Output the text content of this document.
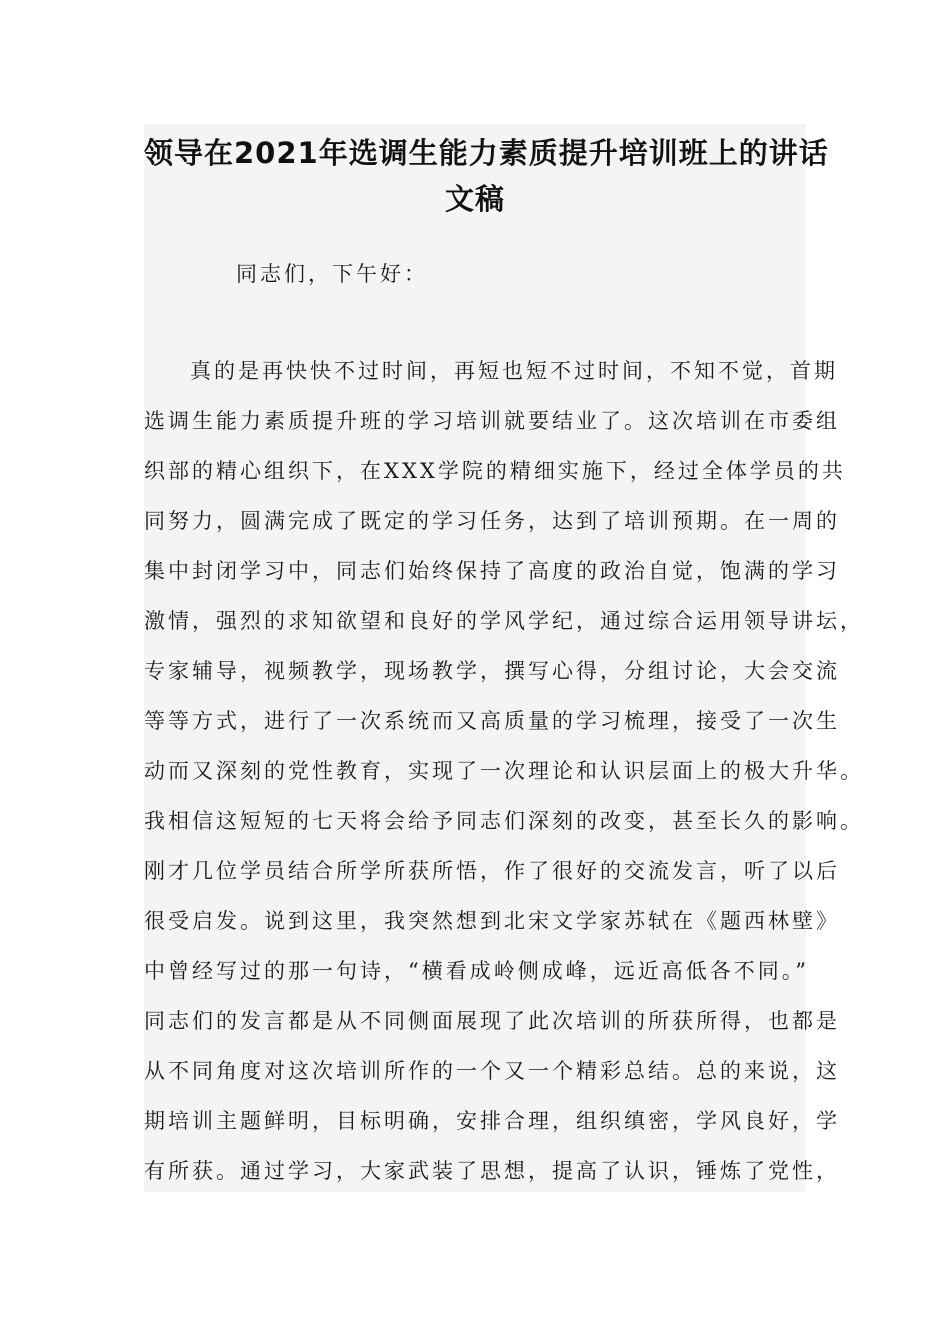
领导在2021年选调生能力素质提升培训班上的讲话
文稿
同志们，下午好：
真的是再快快不过时间，再短也短不过时间，不知不觉，首期
选调生能力素质提升班的学习培训就要结业了。这次培训在市委组
织部的精心组织下，在XXX学院的精细实施下，经过全体学员的共
同努力，圆满完成了既定的学习任务，达到了培训预期。在一周的
集中封闭学习中，同志们始终保持了高度的政治自觉，饱满的学习
激情，强烈的求知欲望和良好的学风学纪，通过综合运用领导讲坛，
专家辅导，视频教学，现场教学，撰写心得，分组讨论，大会交流
等等方式，进行了一次系统而又高质量的学习梳理，接受了一次生
动而又深刻的党性教育，实现了一次理论和认识层面上的极大升华。
我相信这短短的七天将会给予同志们深刻的改变，甚至长久的影响。
刚才几位学员结合所学所获所悟，作了很好的交流发言，听了以后
很受启发。说到这里，我突然想到北宋文学家苏轼在《题西林壁》
中曾经写过的那一句诗，“横看成岭侧成峰，远近高低各不同。”
同志们的发言都是从不同侧面展现了此次培训的所获所得，也都是
从不同角度对这次培训所作的一个又一个精彩总结。总的来说，这
期培训主题鲜明，目标明确，安排合理，组织缜密，学风良好，学
有所获。通过学习，大家武装了思想，提高了认识，锤炼了党性，
